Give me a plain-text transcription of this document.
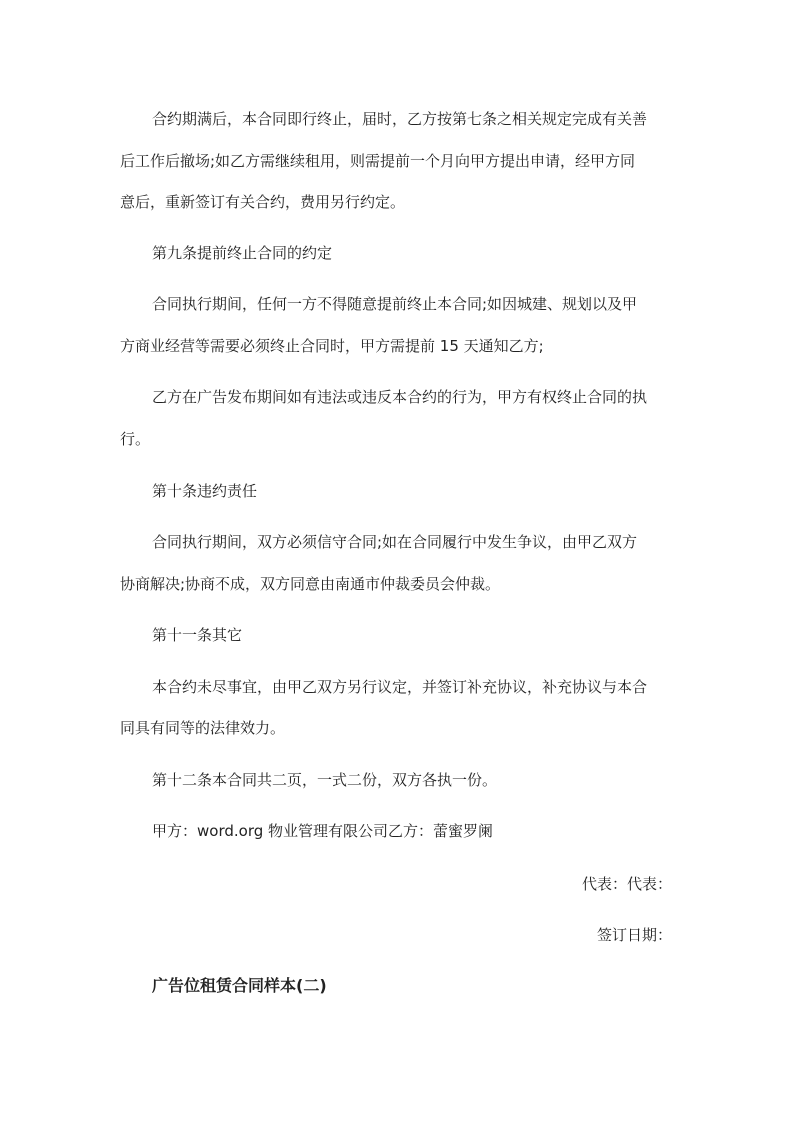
合约期满后，本合同即行终止，届时，乙方按第七条之相关规定完成有关善
后工作后撤场;如乙方需继续租用，则需提前一个月向甲方提出申请，经甲方同
意后，重新签订有关合约，费用另行约定。
第九条提前终止合同的约定
合同执行期间，任何一方不得随意提前终止本合同;如因城建、规划以及甲
方商业经营等需要必须终止合同时，甲方需提前 15 天通知乙方;
乙方在广告发布期间如有违法或违反本合约的行为，甲方有权终止合同的执
行。
第十条违约责任
合同执行期间，双方必须信守合同;如在合同履行中发生争议，由甲乙双方
协商解决;协商不成，双方同意由南通市仲裁委员会仲裁。
第十一条其它
本合约未尽事宜，由甲乙双方另行议定，并签订补充协议，补充协议与本合
同具有同等的法律效力。
第十二条本合同共二页，一式二份，双方各执一份。
甲方：word.org 物业管理有限公司乙方：蕾蜜罗阑
代表：代表：
签订日期：
广告位租赁合同样本(二)
